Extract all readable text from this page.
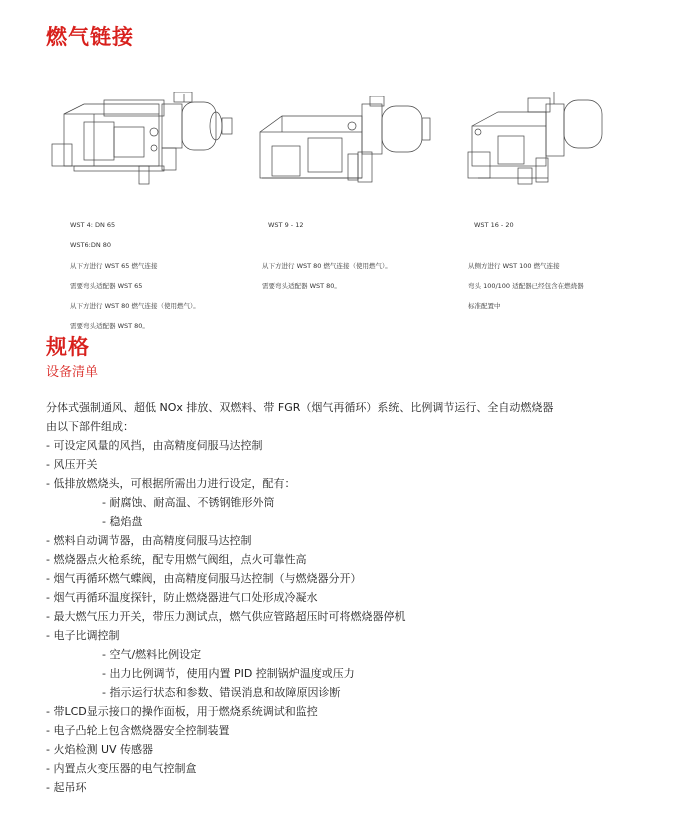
燃气链接

WST 4: DN 65

WST6:DN 80

从下方进行 WST 65 燃气连接

需要弯头适配器 WST 65

从下方进行 WST 80 燃气连接（使用燃气）。

需要弯头适配器 WST 80。

WST 9 - 12

从下方进行 WST 80 燃气连接（使用燃气）。

需要弯头适配器 WST 80。

WST 16 - 20

从侧方进行 WST 100 燃气连接

弯头 100/100 适配器已经包含在燃烧器

标准配置中

规格
设备清单
分体式强制通风、超低 NOx 排放、双燃料、带 FGR（烟气再循环）系统、比例调节运行、全自动燃烧器
由以下部件组成：
- 可设定风量的风挡，由高精度伺服马达控制
- 风压开关
- 低排放燃烧头，可根据所需出力进行设定，配有：
- 耐腐蚀、耐高温、不锈钢锥形外筒
- 稳焰盘
- 燃料自动调节器，由高精度伺服马达控制
- 燃烧器点火枪系统，配专用燃气阀组，点火可靠性高
- 烟气再循环燃气蝶阀，由高精度伺服马达控制（与燃烧器分开）
- 烟气再循环温度探针，防止燃烧器进气口处形成冷凝水
- 最大燃气压力开关，带压力测试点，燃气供应管路超压时可将燃烧器停机
- 电子比调控制
- 空气/燃料比例设定
- 出力比例调节，使用内置 PID 控制锅炉温度或压力
- 指示运行状态和参数、错误消息和故障原因诊断
- 带LCD显示接口的操作面板，用于燃烧系统调试和监控
- 电子凸轮上包含燃烧器安全控制装置
- 火焰检测 UV 传感器
- 内置点火变压器的电气控制盒
- 起吊环
